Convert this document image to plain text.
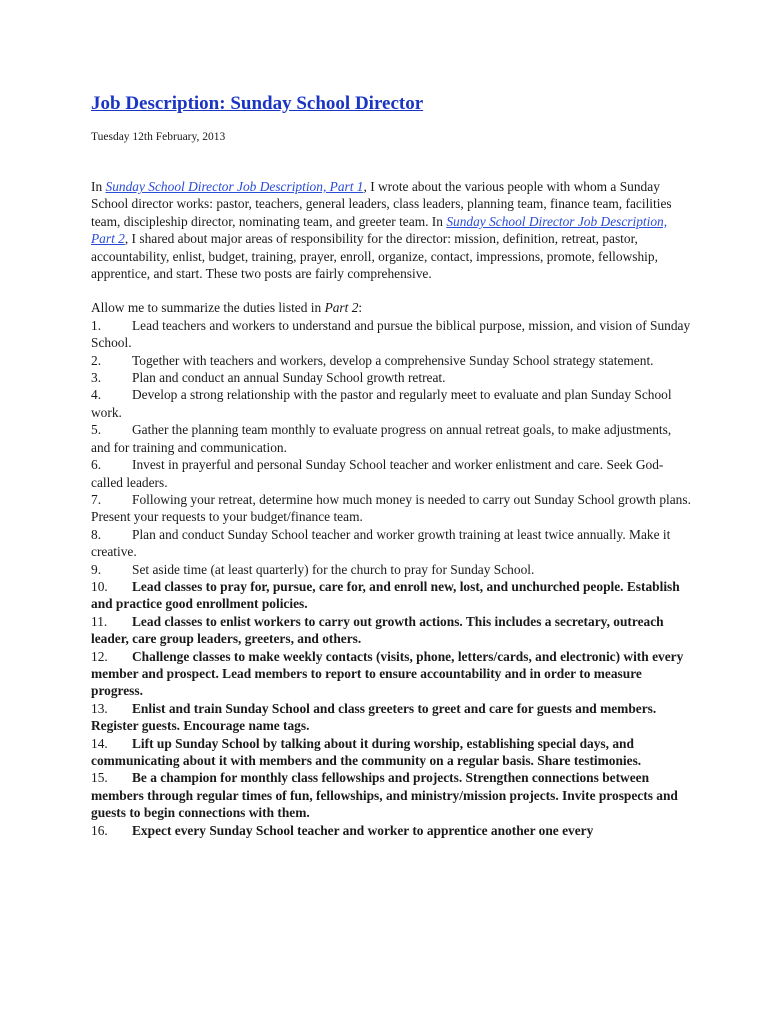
Job Description: Sunday School Director
Tuesday 12th February, 2013

In Sunday School Director Job Description, Part 1, I wrote about the various people with whom a Sunday School director works: pastor, teachers, general leaders, class leaders, planning team, finance team, facilities team, discipleship director, nominating team, and greeter team. In Sunday School Director Job Description, Part 2, I shared about major areas of responsibility for the director: mission, definition, retreat, pastor, accountability, enlist, budget, training, prayer, enroll, organize, contact, impressions, promote, fellowship, apprentice, and start. These two posts are fairly comprehensive.

Allow me to summarize the duties listed in Part 2:

1. Lead teachers and workers to understand and pursue the biblical purpose, mission, and vision of Sunday School.
2. Together with teachers and workers, develop a comprehensive Sunday School strategy statement.
3. Plan and conduct an annual Sunday School growth retreat.
4. Develop a strong relationship with the pastor and regularly meet to evaluate and plan Sunday School work.
5. Gather the planning team monthly to evaluate progress on annual retreat goals, to make adjustments, and for training and communication.
6. Invest in prayerful and personal Sunday School teacher and worker enlistment and care. Seek God-called leaders.
7. Following your retreat, determine how much money is needed to carry out Sunday School growth plans. Present your requests to your budget/finance team.
8. Plan and conduct Sunday School teacher and worker growth training at least twice annually. Make it creative.
9. Set aside time (at least quarterly) for the church to pray for Sunday School.
10. Lead classes to pray for, pursue, care for, and enroll new, lost, and unchurched people. Establish and practice good enrollment policies.
11. Lead classes to enlist workers to carry out growth actions. This includes a secretary, outreach leader, care group leaders, greeters, and others.
12. Challenge classes to make weekly contacts (visits, phone, letters/cards, and electronic) with every member and prospect. Lead members to report to ensure accountability and in order to measure progress.
13. Enlist and train Sunday School and class greeters to greet and care for guests and members. Register guests. Encourage name tags.
14. Lift up Sunday School by talking about it during worship, establishing special days, and communicating about it with members and the community on a regular basis. Share testimonies.
15. Be a champion for monthly class fellowships and projects. Strengthen connections between members through regular times of fun, fellowships, and ministry/mission projects. Invite prospects and guests to begin connections with them.
16. Expect every Sunday School teacher and worker to apprentice another one every
